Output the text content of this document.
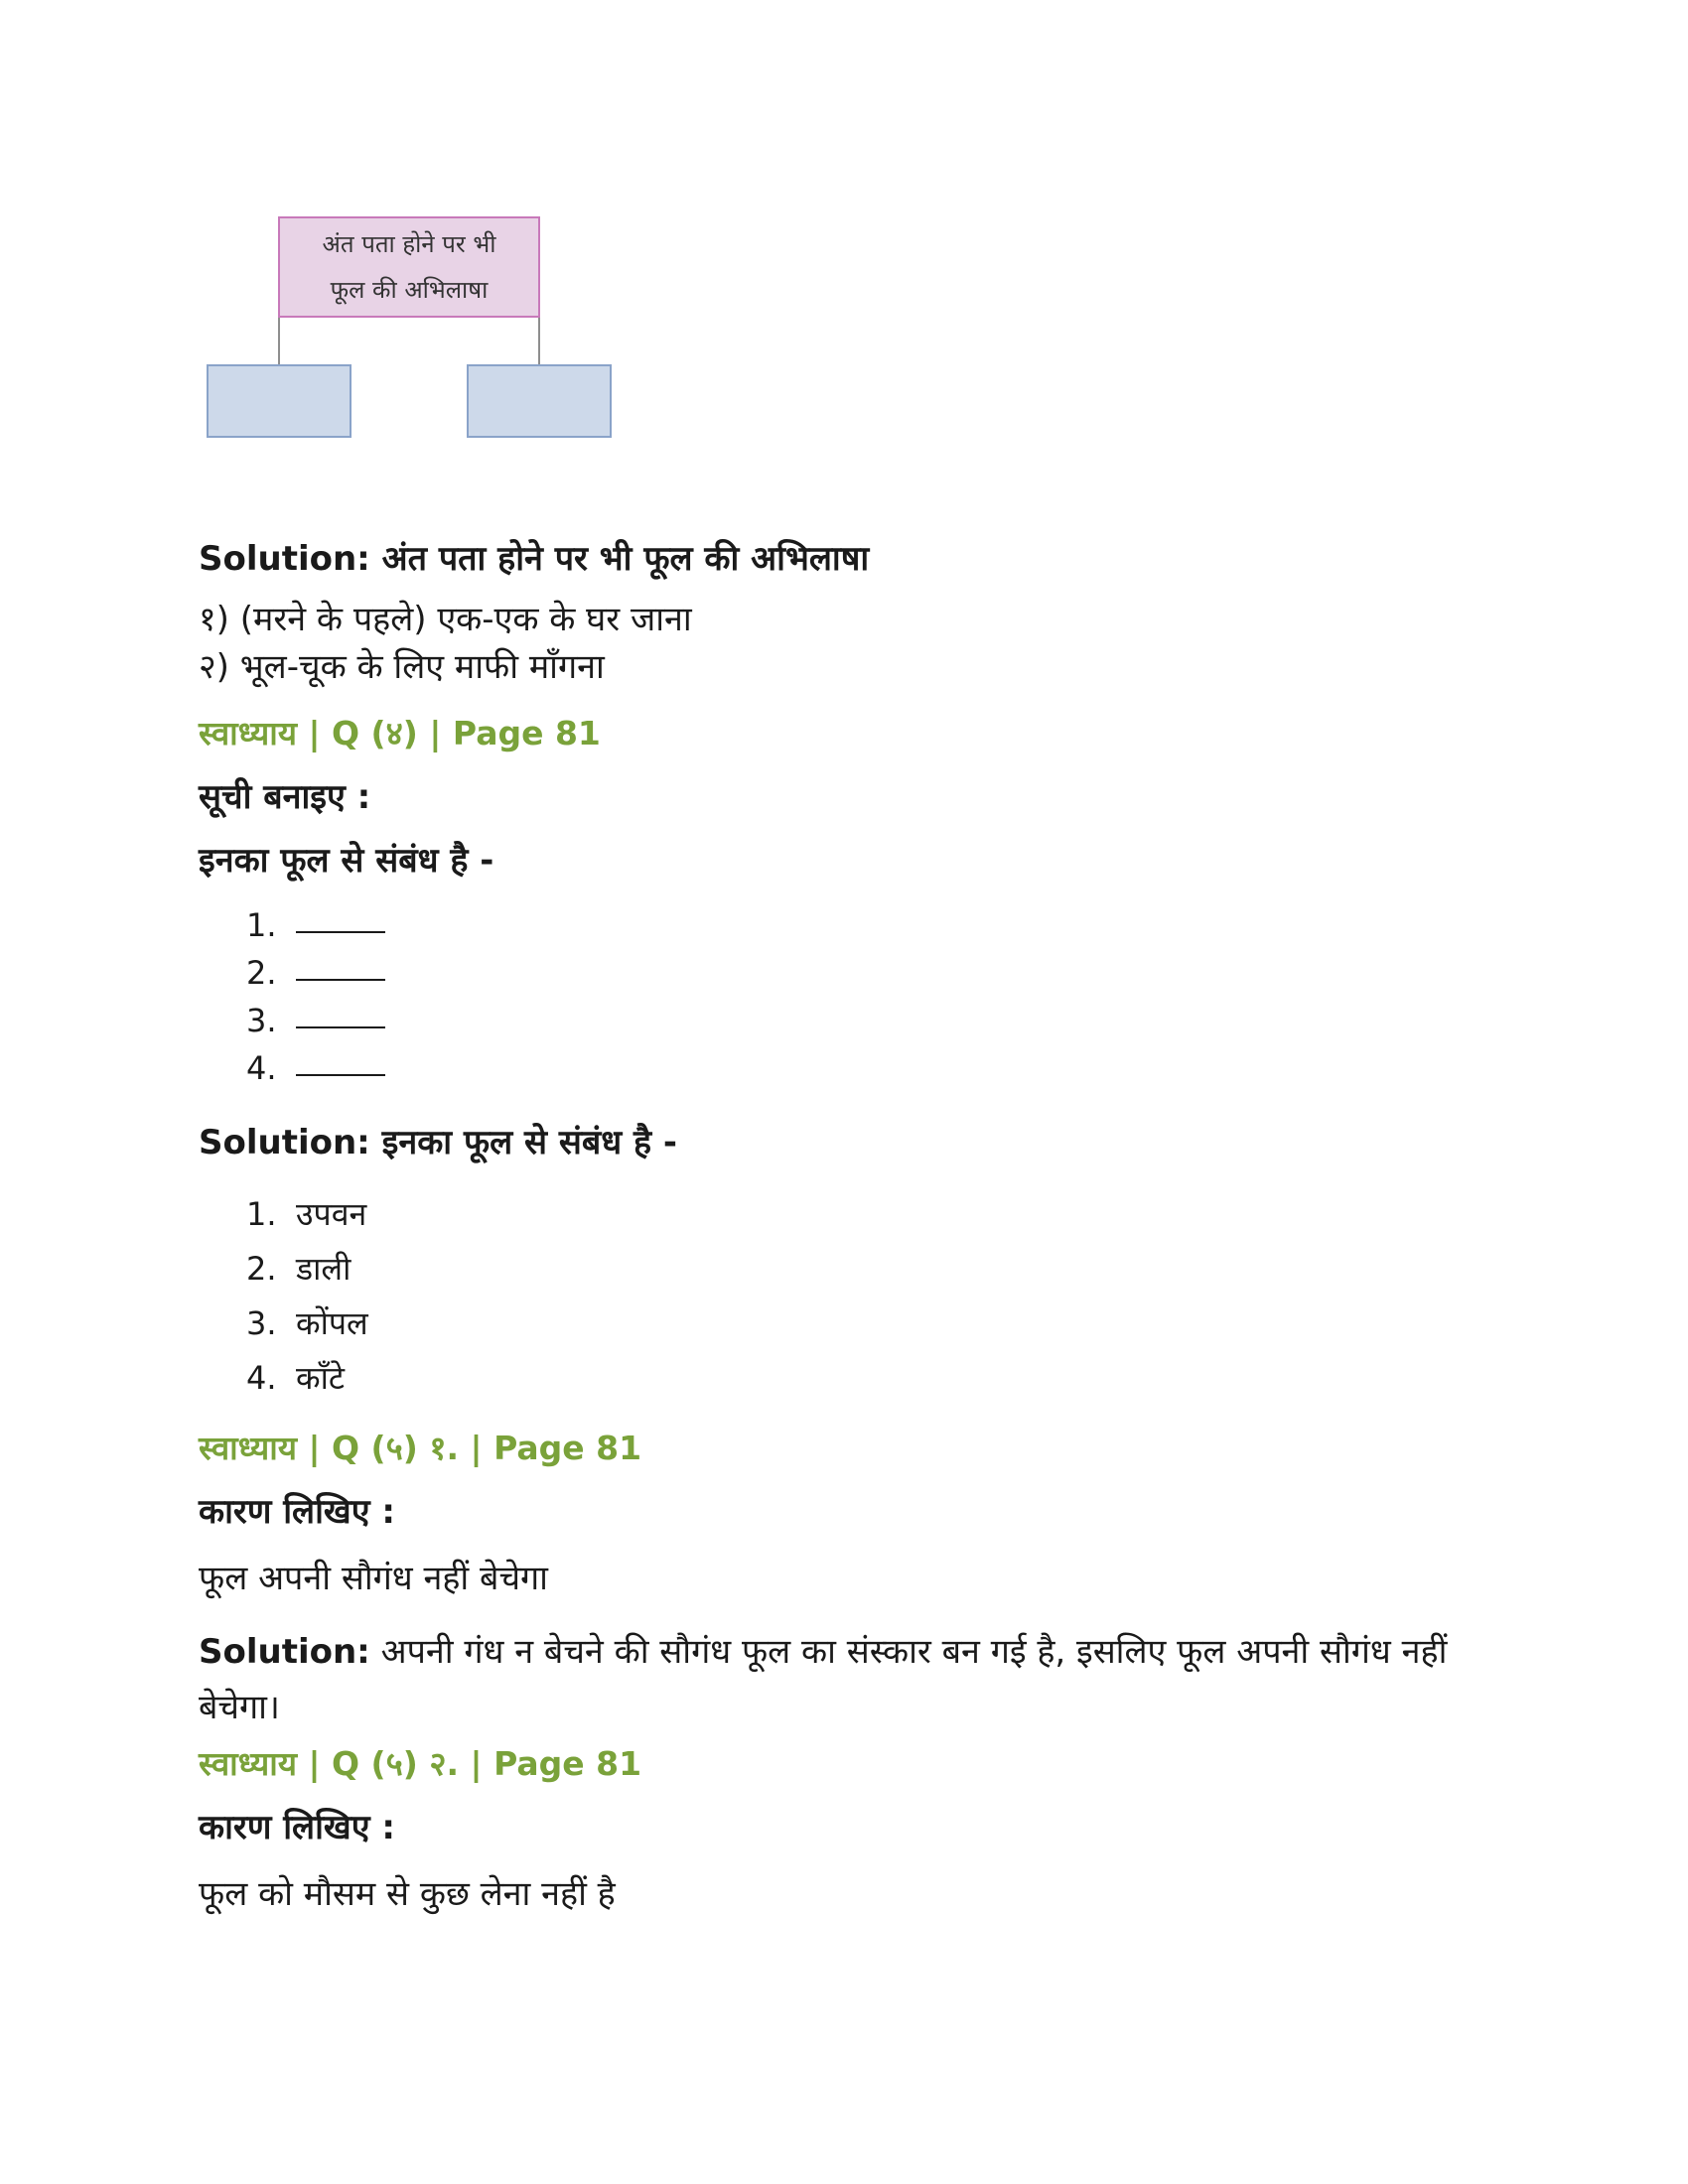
अंत पता होने पर भी
फूल की अभिलाषा

Solution: अंत पता होने पर भी फूल की अभिलाषा

१) (मरने के पहले) एक-एक के घर जाना

२) भूल-चूक के लिए माफी माँगना

स्वाध्याय | Q (४) | Page 81

सूची बनाइए :

इनका फूल से संबंध है -

1.
2.
3.
4.

Solution: इनका फूल से संबंध है -

1. उपवन
2. डाली
3. कोंपल
4. काँटे

स्वाध्याय | Q (५) १. | Page 81

कारण लिखिए :

फूल अपनी सौगंध नहीं बेचेगा

Solution: अपनी गंध न बेचने की सौगंध फूल का संस्कार बन गई है, इसलिए फूल अपनी सौगंध नहीं बेचेगा।

स्वाध्याय | Q (५) २. | Page 81

कारण लिखिए :

फूल को मौसम से कुछ लेना नहीं है
